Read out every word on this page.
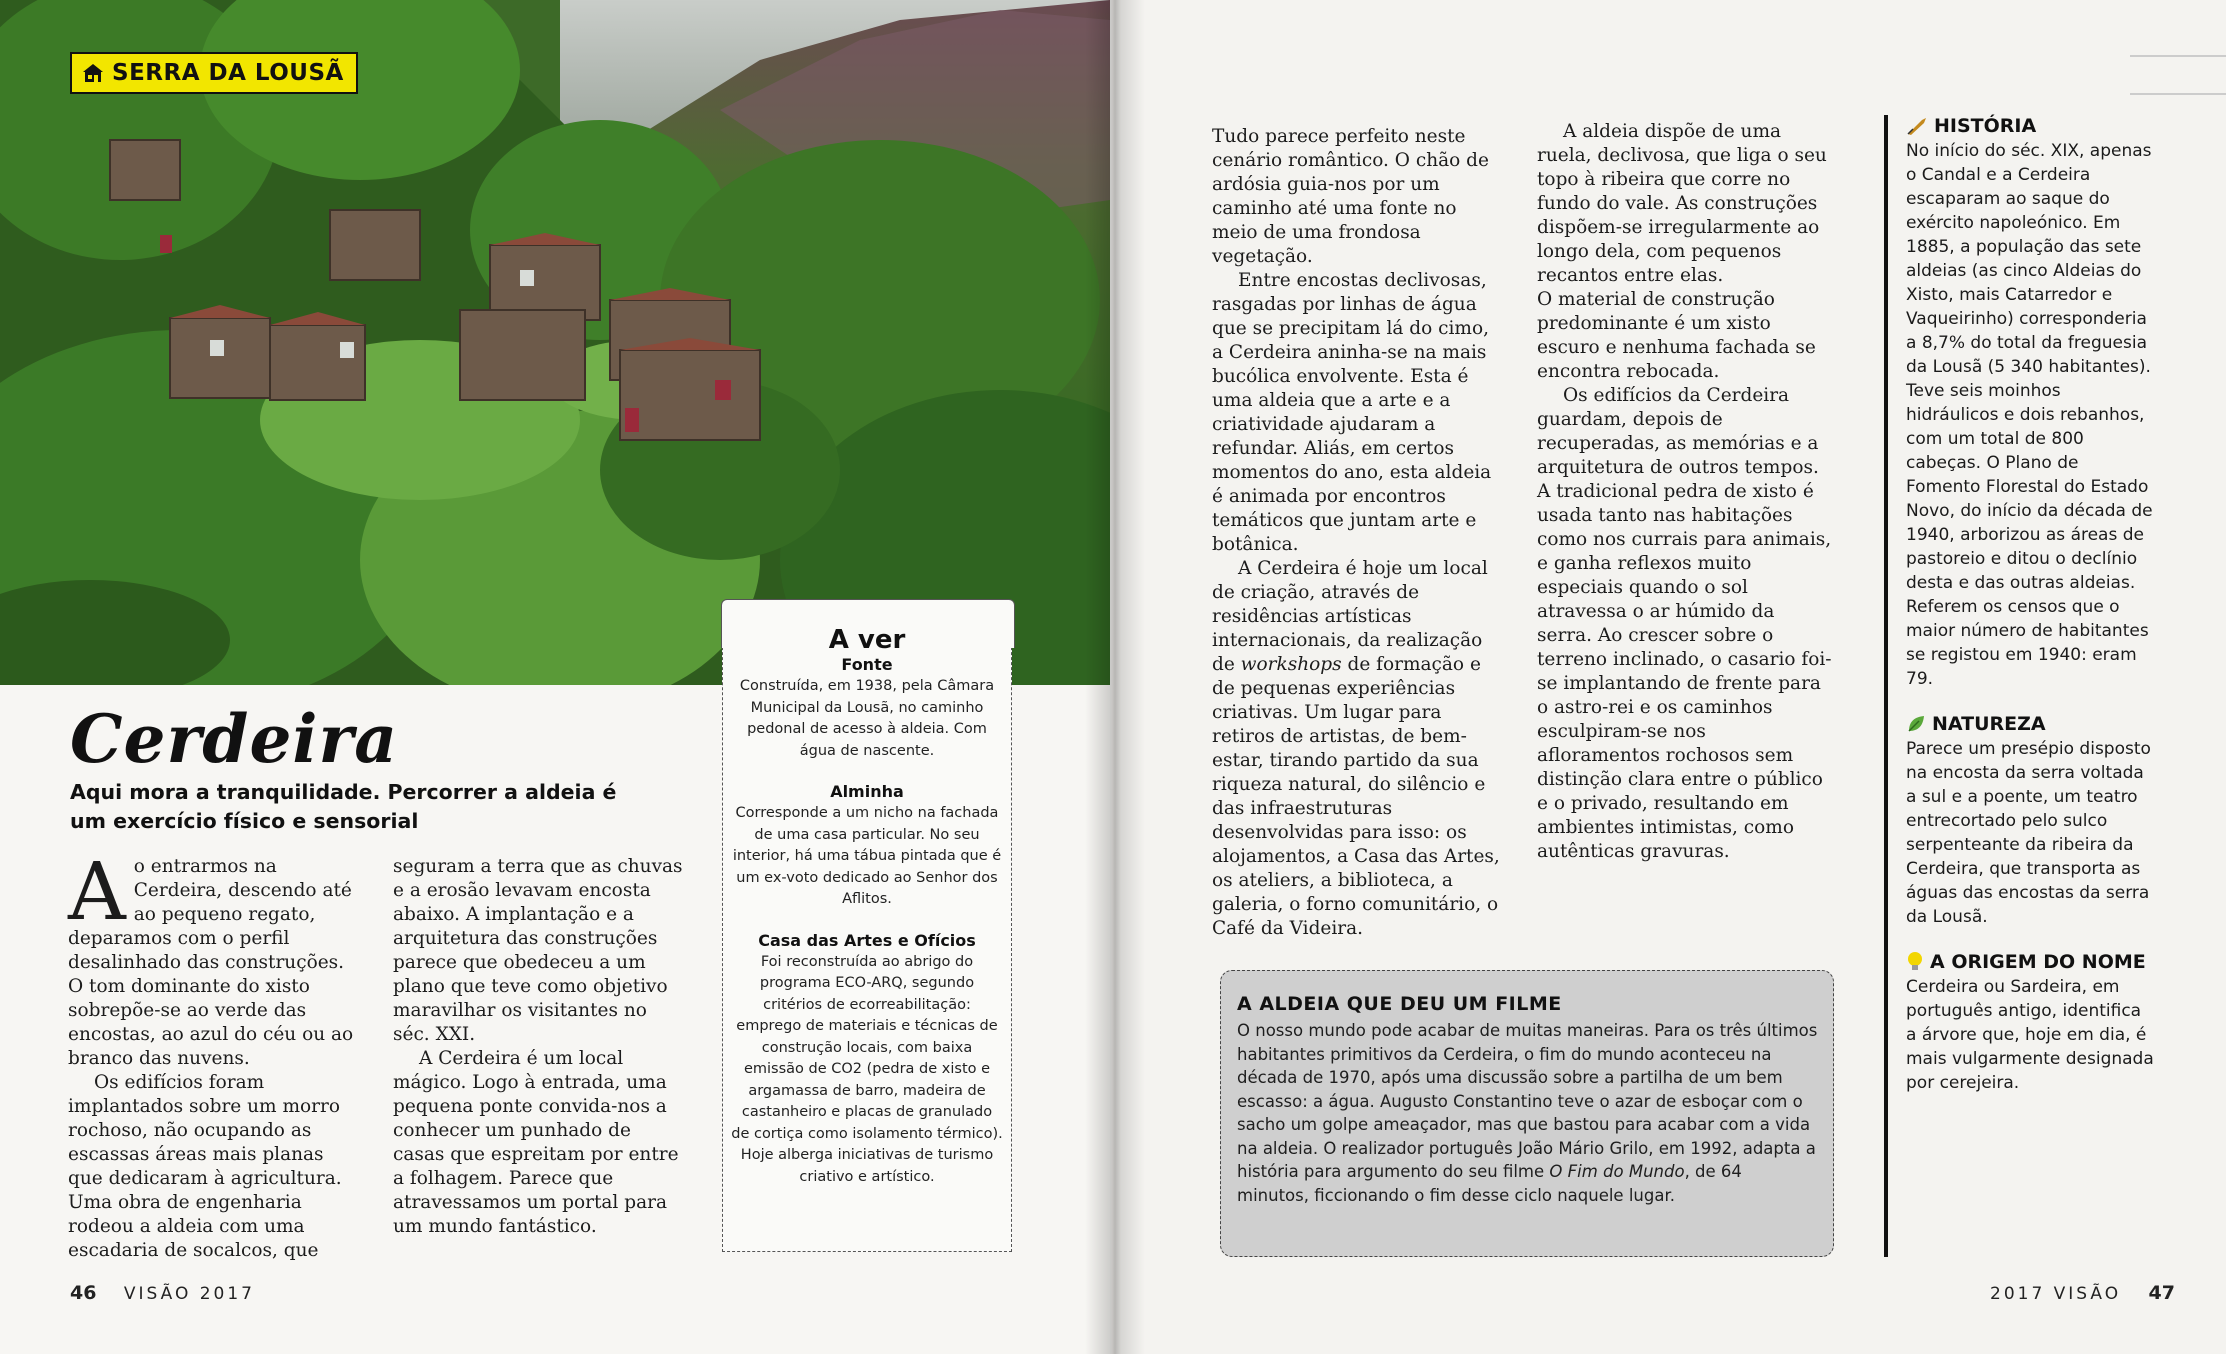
SERRA DA LOUSÃ
Cerdeira
Aqui mora a tranquilidade. Percorrer a aldeia é um exercício físico e sensorial

Ao entrarmos na Cerdeira, descendo até ao pequeno regato, deparamos com o perfil desalinhado das construções. O tom dominante do xisto sobrepõe-se ao verde das encostas, ao azul do céu ou ao branco das nuvens.

Os edifícios foram implantados sobre um morro rochoso, não ocupando as escassas áreas mais planas que dedicaram à agricultura. Uma obra de engenharia rodeou a aldeia com uma escadaria de socalcos, que

seguram a terra que as chuvas e a erosão levavam encosta abaixo. A implantação e a arquitetura das construções parece que obedeceu a um plano que teve como objetivo maravilhar os visitantes no séc. XXI.

A Cerdeira é um local mágico. Logo à entrada, uma pequena ponte convida-nos a conhecer um punhado de casas que espreitam por entre a folhagem. Parece que atravessamos um portal para um mundo fantástico.

46 VISÃO 2017
A ver
Fonte

Construída, em 1938, pela Câmara Municipal da Lousã, no caminho pedonal de acesso à aldeia. Com água de nascente.

Alminha

Corresponde a um nicho na fachada de uma casa particular. No seu interior, há uma tábua pintada que é um ex-voto dedicado ao Senhor dos Aflitos.

Casa das Artes e Ofícios

Foi reconstruída ao abrigo do programa ECO-ARQ, segundo critérios de ecorreabilitação: emprego de materiais e técnicas de construção locais, com baixa emissão de CO2 (pedra de xisto e argamassa de barro, madeira de castanheiro e placas de granulado de cortiça como isolamento térmico). Hoje alberga iniciativas de turismo criativo e artístico.

Tudo parece perfeito neste cenário romântico. O chão de ardósia guia-nos por um caminho até uma fonte no meio de uma frondosa vegetação.

Entre encostas declivosas, rasgadas por linhas de água que se precipitam lá do cimo, a Cerdeira aninha-se na mais bucólica envolvente. Esta é uma aldeia que a arte e a criatividade ajudaram a refundar. Aliás, em certos momentos do ano, esta aldeia é animada por encontros temáticos que juntam arte e botânica.

A Cerdeira é hoje um local de criação, através de residências artísticas internacionais, da realização de workshops de formação e de pequenas experiências criativas. Um lugar para retiros de artistas, de bem-estar, tirando partido da sua riqueza natural, do silêncio e das infraestruturas desenvolvidas para isso: os alojamentos, a Casa das Artes, os ateliers, a biblioteca, a galeria, o forno comunitário, o Café da Videira.

A aldeia dispõe de uma ruela, declivosa, que liga o seu topo à ribeira que corre no fundo do vale. As construções dispõem-se irregularmente ao longo dela, com pequenos recantos entre elas.

O material de construção predominante é um xisto escuro e nenhuma fachada se encontra rebocada.

Os edifícios da Cerdeira guardam, depois de recuperadas, as memórias e a arquitetura de outros tempos. A tradicional pedra de xisto é usada tanto nas habitações como nos currais para animais, e ganha reflexos muito especiais quando o sol atravessa o ar húmido da serra. Ao crescer sobre o terreno inclinado, o casario foi-se implantando de frente para o astro-rei e os caminhos esculpiram-se nos afloramentos rochosos sem distinção clara entre o público e o privado, resultando em ambientes intimistas, como autênticas gravuras.

A ALDEIA QUE DEU UM FILME

O nosso mundo pode acabar de muitas maneiras. Para os três últimos habitantes primitivos da Cerdeira, o fim do mundo aconteceu na década de 1970, após uma discussão sobre a partilha de um bem escasso: a água. Augusto Constantino teve o azar de esboçar com o sacho um golpe ameaçador, mas que bastou para acabar com a vida na aldeia. O realizador português João Mário Grilo, em 1992, adapta a história para argumento do seu filme O Fim do Mundo, de 64 minutos, ficcionando o fim desse ciclo naquele lugar.

HISTÓRIA

No início do séc. XIX, apenas o Candal e a Cerdeira escaparam ao saque do exército napoleónico. Em 1885, a população das sete aldeias (as cinco Aldeias do Xisto, mais Catarredor e Vaqueirinho) corresponderia a 8,7% do total da freguesia da Lousã (5 340 habitantes). Teve seis moinhos hidráulicos e dois rebanhos, com um total de 800 cabeças. O Plano de Fomento Florestal do Estado Novo, do início da década de 1940, arborizou as áreas de pastoreio e ditou o declínio desta e das outras aldeias. Referem os censos que o maior número de habitantes se registou em 1940: eram 79.

NATUREZA

Parece um presépio disposto na encosta da serra voltada a sul e a poente, um teatro entrecortado pelo sulco serpenteante da ribeira da Cerdeira, que transporta as águas das encostas da serra da Lousã.

A ORIGEM DO NOME

Cerdeira ou Sardeira, em português antigo, identifica a árvore que, hoje em dia, é mais vulgarmente designada por cerejeira.

2017 VISÃO 47
